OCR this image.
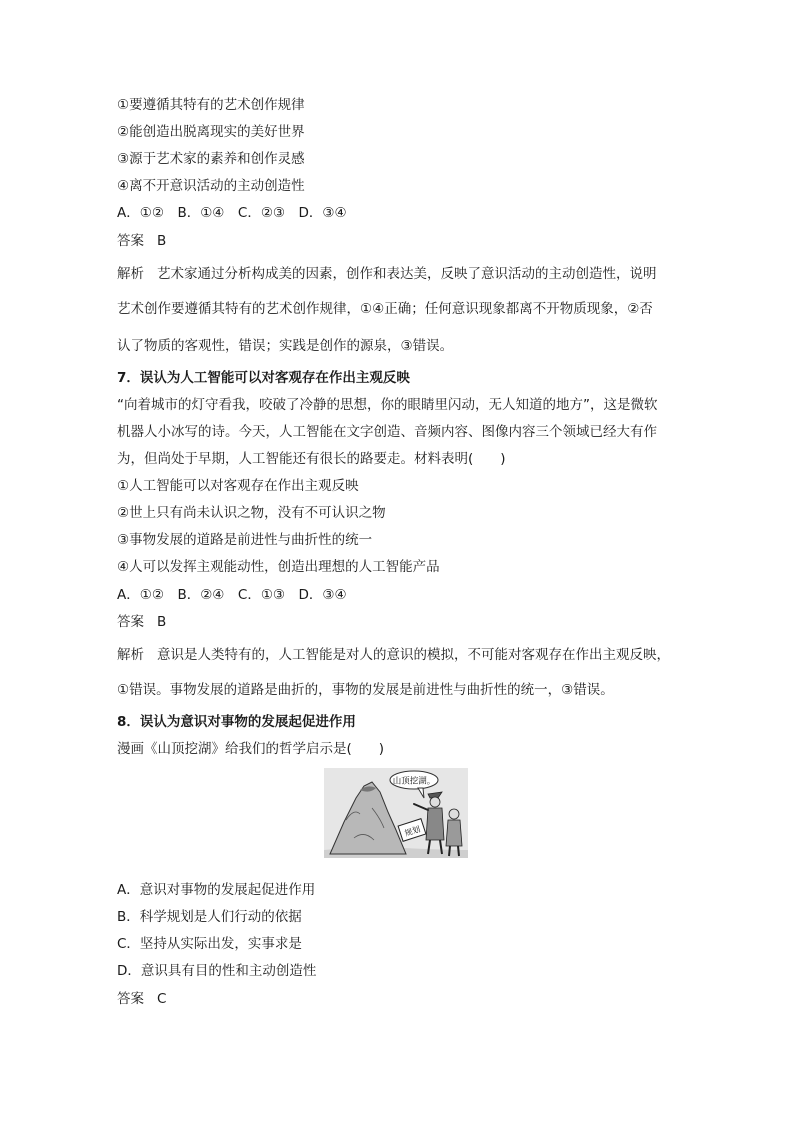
①要遵循其特有的艺术创作规律
②能创造出脱离现实的美好世界
③源于艺术家的素养和创作灵感
④离不开意识活动的主动创造性
A．①②　B．①④　C．②③　D．③④
答案 B
解析 艺术家通过分析构成美的因素，创作和表达美，反映了意识活动的主动创造性，说明
艺术创作要遵循其特有的艺术创作规律，①④正确；任何意识现象都离不开物质现象，②否
认了物质的客观性，错误；实践是创作的源泉，③错误。
7．误认为人工智能可以对客观存在作出主观反映
“向着城市的灯守看我，咬破了冷静的思想，你的眼睛里闪动，无人知道的地方”，这是微软
机器人小冰写的诗。今天，人工智能在文字创造、音频内容、图像内容三个领域已经大有作
为，但尚处于早期，人工智能还有很长的路要走。材料表明(　　)
①人工智能可以对客观存在作出主观反映
②世上只有尚未认识之物，没有不可认识之物
③事物发展的道路是前进性与曲折性的统一
④人可以发挥主观能动性，创造出理想的人工智能产品
A．①②　B．②④　C．①③　D．③④
答案 B
解析 意识是人类特有的，人工智能是对人的意识的模拟，不可能对客观存在作出主观反映，
①错误。事物发展的道路是曲折的，事物的发展是前进性与曲折性的统一，③错误。
8．误认为意识对事物的发展起促进作用
漫画《山顶挖湖》给我们的哲学启示是(　　)
山顶挖湖。
规划
A．意识对事物的发展起促进作用
B．科学规划是人们行动的依据
C．坚持从实际出发，实事求是
D．意识具有目的性和主动创造性
答案 C
